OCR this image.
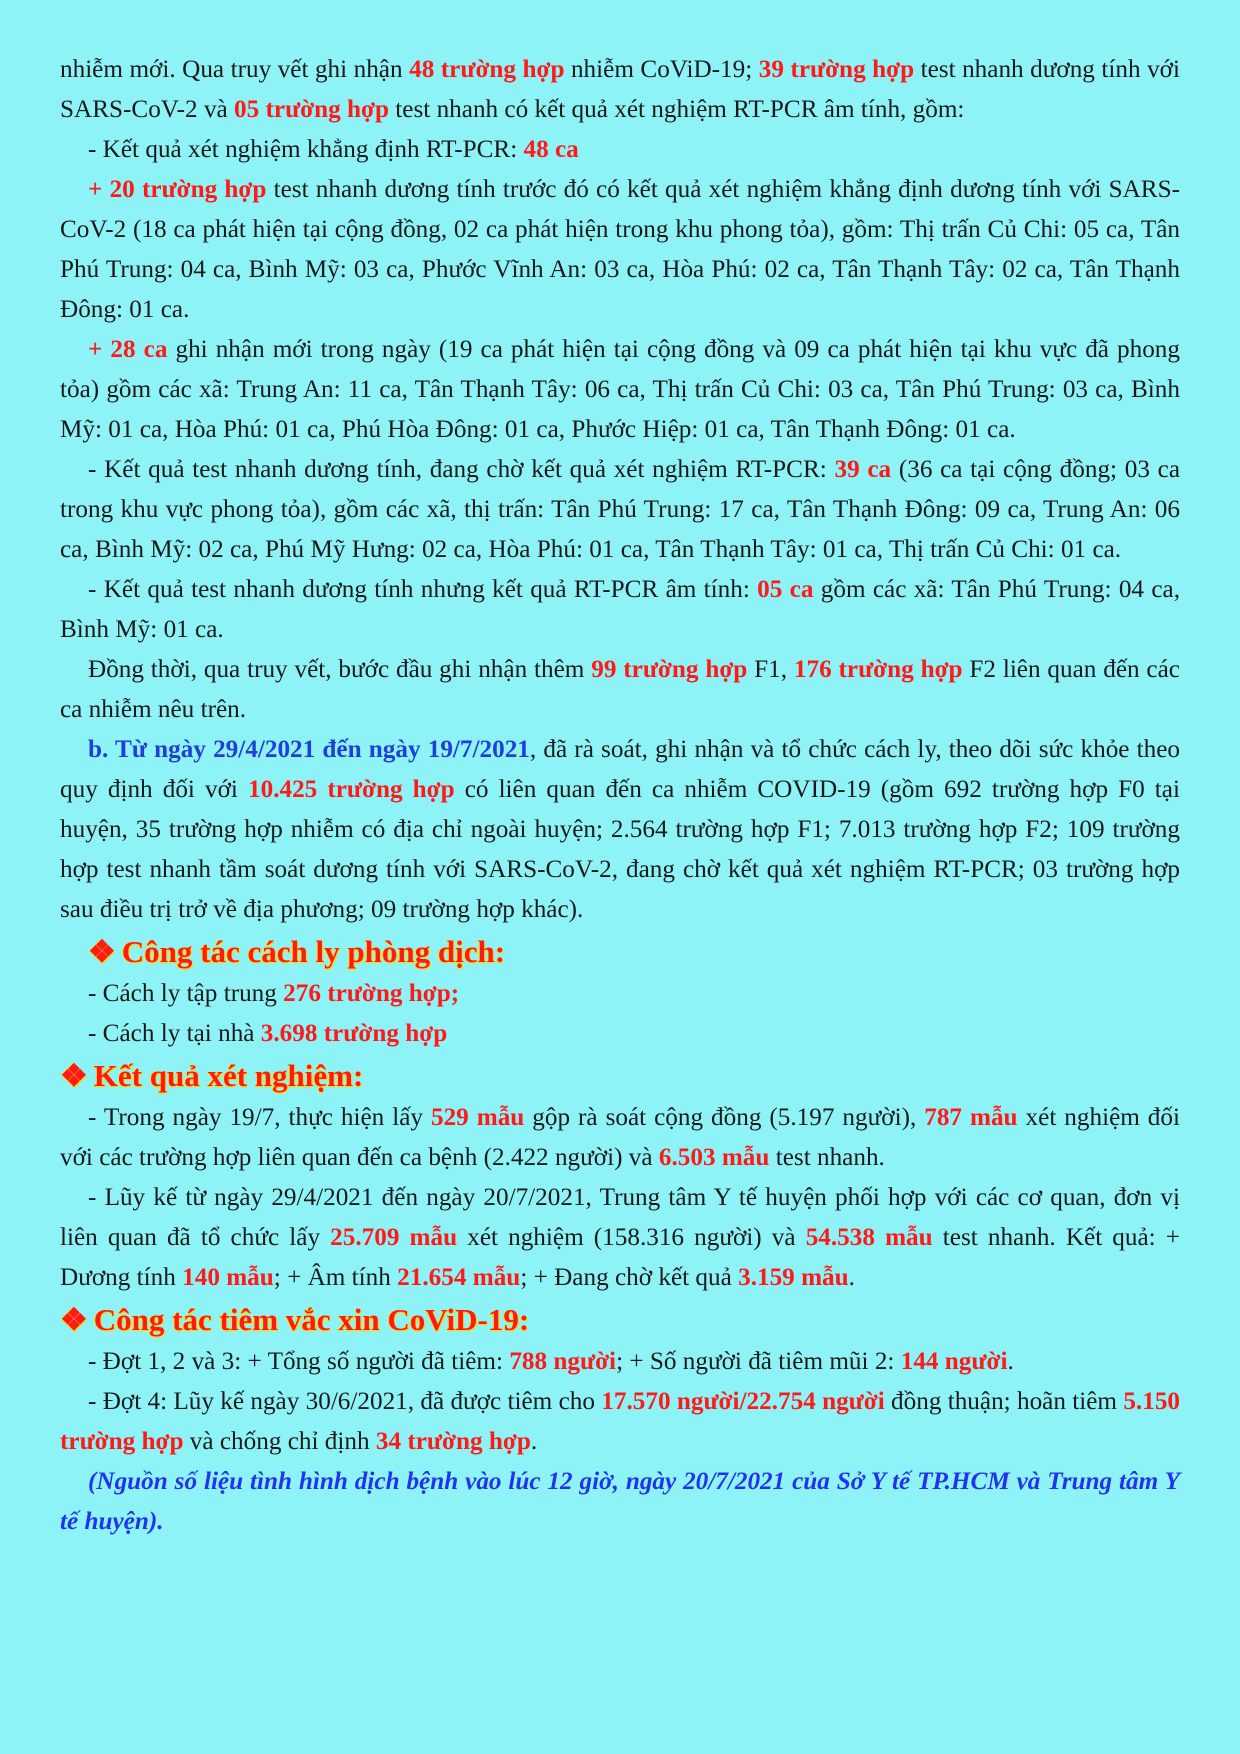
nhiễm mới. Qua truy vết ghi nhận 48 trường hợp nhiễm CoViD-19; 39 trường hợp test nhanh dương tính với SARS-CoV-2 và 05 trường hợp test nhanh có kết quả xét nghiệm RT-PCR âm tính, gồm:

- Kết quả xét nghiệm khẳng định RT-PCR: 48 ca

+ 20 trường hợp test nhanh dương tính trước đó có kết quả xét nghiệm khẳng định dương tính với SARS-CoV-2 (18 ca phát hiện tại cộng đồng, 02 ca phát hiện trong khu phong tỏa), gồm: Thị trấn Củ Chi: 05 ca, Tân Phú Trung: 04 ca, Bình Mỹ: 03 ca, Phước Vĩnh An: 03 ca, Hòa Phú: 02 ca, Tân Thạnh Tây: 02 ca, Tân Thạnh Đông: 01 ca.

+ 28 ca ghi nhận mới trong ngày (19 ca phát hiện tại cộng đồng và 09 ca phát hiện tại khu vực đã phong tỏa) gồm các xã: Trung An: 11 ca, Tân Thạnh Tây: 06 ca, Thị trấn Củ Chi: 03 ca, Tân Phú Trung: 03 ca, Bình Mỹ: 01 ca, Hòa Phú: 01 ca, Phú Hòa Đông: 01 ca, Phước Hiệp: 01 ca, Tân Thạnh Đông: 01 ca.

- Kết quả test nhanh dương tính, đang chờ kết quả xét nghiệm RT-PCR: 39 ca (36 ca tại cộng đồng; 03 ca trong khu vực phong tỏa), gồm các xã, thị trấn: Tân Phú Trung: 17 ca, Tân Thạnh Đông: 09 ca, Trung An: 06 ca, Bình Mỹ: 02 ca, Phú Mỹ Hưng: 02 ca, Hòa Phú: 01 ca, Tân Thạnh Tây: 01 ca, Thị trấn Củ Chi: 01 ca.

- Kết quả test nhanh dương tính nhưng kết quả RT-PCR âm tính: 05 ca gồm các xã: Tân Phú Trung: 04 ca, Bình Mỹ: 01 ca.

Đồng thời, qua truy vết, bước đầu ghi nhận thêm 99 trường hợp F1, 176 trường hợp F2 liên quan đến các ca nhiễm nêu trên.

b. Từ ngày 29/4/2021 đến ngày 19/7/2021, đã rà soát, ghi nhận và tổ chức cách ly, theo dõi sức khỏe theo quy định đối với 10.425 trường hợp có liên quan đến ca nhiễm COVID-19 (gồm 692 trường hợp F0 tại huyện, 35 trường hợp nhiễm có địa chỉ ngoài huyện; 2.564 trường hợp F1; 7.013 trường hợp F2; 109 trường hợp test nhanh tầm soát dương tính với SARS-CoV-2, đang chờ kết quả xét nghiệm RT-PCR; 03 trường hợp sau điều trị trở về địa phương; 09 trường hợp khác).

❖ Công tác cách ly phòng dịch:

- Cách ly tập trung 276 trường hợp;

- Cách ly tại nhà 3.698 trường hợp

❖ Kết quả xét nghiệm:

- Trong ngày 19/7, thực hiện lấy 529 mẫu gộp rà soát cộng đồng (5.197 người), 787 mẫu xét nghiệm đối với các trường hợp liên quan đến ca bệnh (2.422 người) và 6.503 mẫu test nhanh.

- Lũy kế từ ngày 29/4/2021 đến ngày 20/7/2021, Trung tâm Y tế huyện phối hợp với các cơ quan, đơn vị liên quan đã tổ chức lấy 25.709 mẫu xét nghiệm (158.316 người) và 54.538 mẫu test nhanh. Kết quả: + Dương tính 140 mẫu; + Âm tính 21.654 mẫu; + Đang chờ kết quả 3.159 mẫu.

❖ Công tác tiêm vắc xin CoViD-19:

- Đợt 1, 2 và 3: + Tổng số người đã tiêm: 788 người; + Số người đã tiêm mũi 2: 144 người.

- Đợt 4: Lũy kế ngày 30/6/2021, đã được tiêm cho 17.570 người/22.754 người đồng thuận; hoãn tiêm 5.150 trường hợp và chống chỉ định 34 trường hợp.

(Nguồn số liệu tình hình dịch bệnh vào lúc 12 giờ, ngày 20/7/2021 của Sở Y tế TP.HCM và Trung tâm Y tế huyện).
